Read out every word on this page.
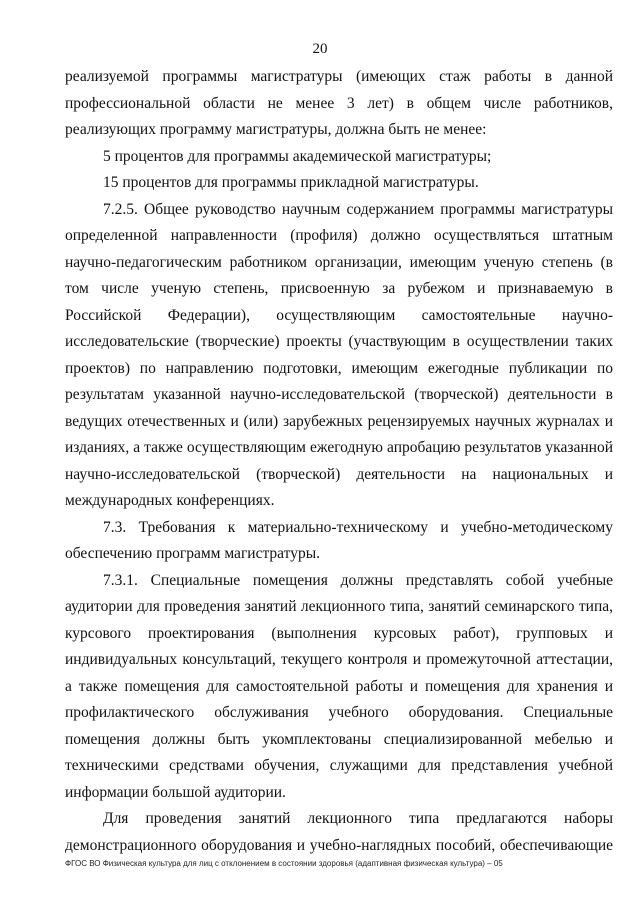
20

реализуемой программы магистратуры (имеющих стаж работы в данной профессиональной области не менее 3 лет) в общем числе работников, реализующих программу магистратуры, должна быть не менее:

5 процентов для программы академической магистратуры;

15 процентов для программы прикладной магистратуры.

7.2.5. Общее руководство научным содержанием программы магистратуры определенной направленности (профиля) должно осуществляться штатным научно-педагогическим работником организации, имеющим ученую степень (в том числе ученую степень, присвоенную за рубежом и признаваемую в Российской Федерации), осуществляющим самостоятельные научно-исследовательские (творческие) проекты (участвующим в осуществлении таких проектов) по направлению подготовки, имеющим ежегодные публикации по результатам указанной научно-исследовательской (творческой) деятельности в ведущих отечественных и (или) зарубежных рецензируемых научных журналах и изданиях, а также осуществляющим ежегодную апробацию результатов указанной научно-исследовательской (творческой) деятельности на национальных и международных конференциях.

7.3. Требования к материально-техническому и учебно-методическому обеспечению программ магистратуры.

7.3.1. Специальные помещения должны представлять собой учебные аудитории для проведения занятий лекционного типа, занятий семинарского типа, курсового проектирования (выполнения курсовых работ), групповых и индивидуальных консультаций, текущего контроля и промежуточной аттестации, а также помещения для самостоятельной работы и помещения для хранения и профилактического обслуживания учебного оборудования. Специальные помещения должны быть укомплектованы специализированной мебелью и техническими средствами обучения, служащими для представления учебной информации большой аудитории.

Для проведения занятий лекционного типа предлагаются наборы демонстрационного оборудования и учебно-наглядных пособий, обеспечивающие

ФГОС ВО Физическая культура для лиц с отклонением в состоянии здоровья (адаптивная физическая культура) – 05
